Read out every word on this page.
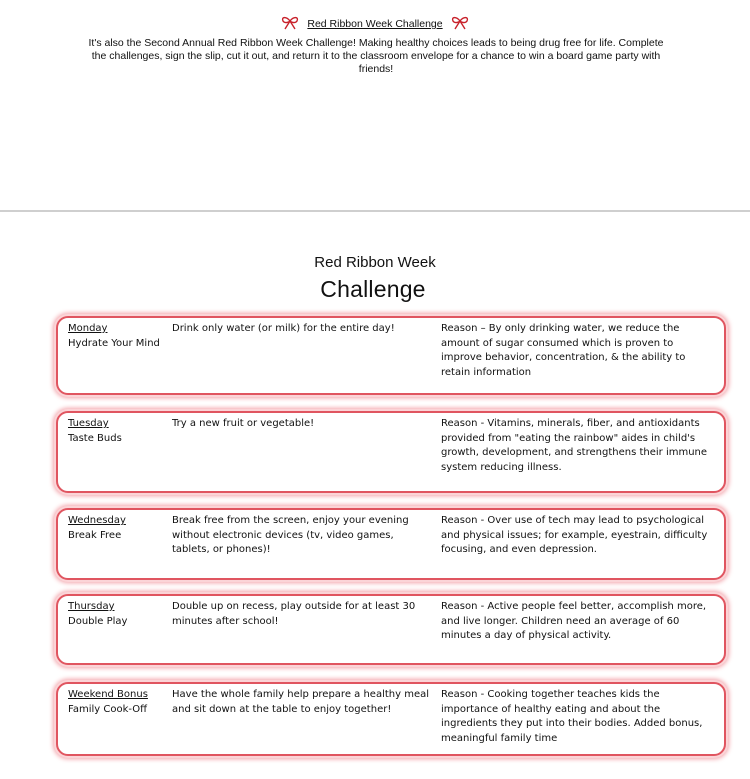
Red Ribbon Week Challenge
It's also the Second Annual Red Ribbon Week Challenge! Making healthy choices leads to being drug free for life. Complete the challenges, sign the slip, cut it out, and return it to the classroom envelope for a chance to win a board game party with friends!
Red Ribbon Week
Challenge
Monday
Hydrate Your Mind
Drink only water (or milk) for the entire day!	Reason – By only drinking water, we reduce the amount of sugar consumed which is proven to improve behavior, concentration, & the ability to retain information
Tuesday
Taste Buds
Try a new fruit or vegetable!	Reason - Vitamins, minerals, fiber, and antioxidants provided from "eating the rainbow" aides in child's growth, development, and strengthens their immune system reducing illness.
Wednesday
Break Free
Break free from the screen, enjoy your evening without electronic devices (tv, video games, tablets, or phones)!
Reason - Over use of tech may lead to psychological and physical issues; for example, eyestrain, difficulty focusing, and even depression.
Thursday
Double Play
Double up on recess, play outside for at least 30 minutes after school!
Reason - Active people feel better, accomplish more, and live longer. Children need an average of 60 minutes a day of physical activity.
Weekend Bonus
Family Cook-Off
Have the whole family help prepare a healthy meal and sit down at the table to enjoy together!
Reason - Cooking together teaches kids the importance of healthy eating and about the ingredients they put into their bodies. Added bonus, meaningful family time
